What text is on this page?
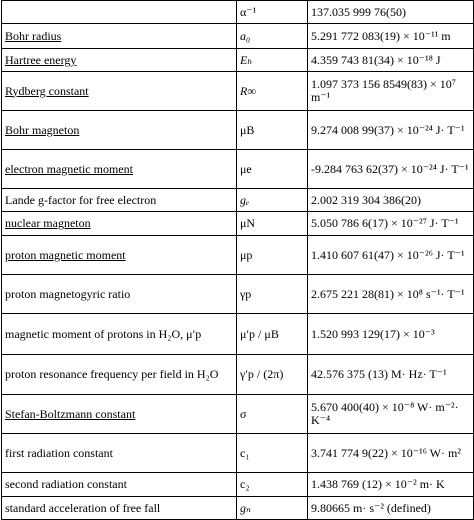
	α⁻¹	137.035 999 76(50)
Bohr radius	a₀	5.291 772 083(19) × 10⁻¹¹ m
Hartree energy	Eₕ	4.359 743 81(34) × 10⁻¹⁸ J
Rydberg constant	R∞	1.097 373 156 8549(83) × 10⁷ m⁻¹
Bohr magneton	μB	9.274 008 99(37) × 10⁻²⁴ J· T⁻¹
electron magnetic moment	μe	-9.284 763 62(37) × 10⁻²⁴ J· T⁻¹
Lande g-factor for free electron	gₑ	2.002 319 304 386(20)
nuclear magneton	μN	5.050 786 6(17) × 10⁻²⁷ J· T⁻¹
proton magnetic moment	μp	1.410 607 61(47) × 10⁻²⁶ J· T⁻¹
proton magnetogyric ratio	γp	2.675 221 28(81) × 10⁸ s⁻¹· T⁻¹
magnetic moment of protons in H₂O, μ′p	μ′p / μB	1.520 993 129(17) × 10⁻³
proton resonance frequency per field in H₂O	γ′p / (2π)	42.576 375 (13) M· Hz· T⁻¹
Stefan-Boltzmann constant	σ	5.670 400(40) × 10⁻⁸ W· m⁻²· K⁻⁴
first radiation constant	c₁	3.741 774 9(22) × 10⁻¹⁶ W· m²
second radiation constant	c₂	1.438 769 (12) × 10⁻² m· K
standard acceleration of free fall	gₙ	9.80665 m· s⁻² (defined)
